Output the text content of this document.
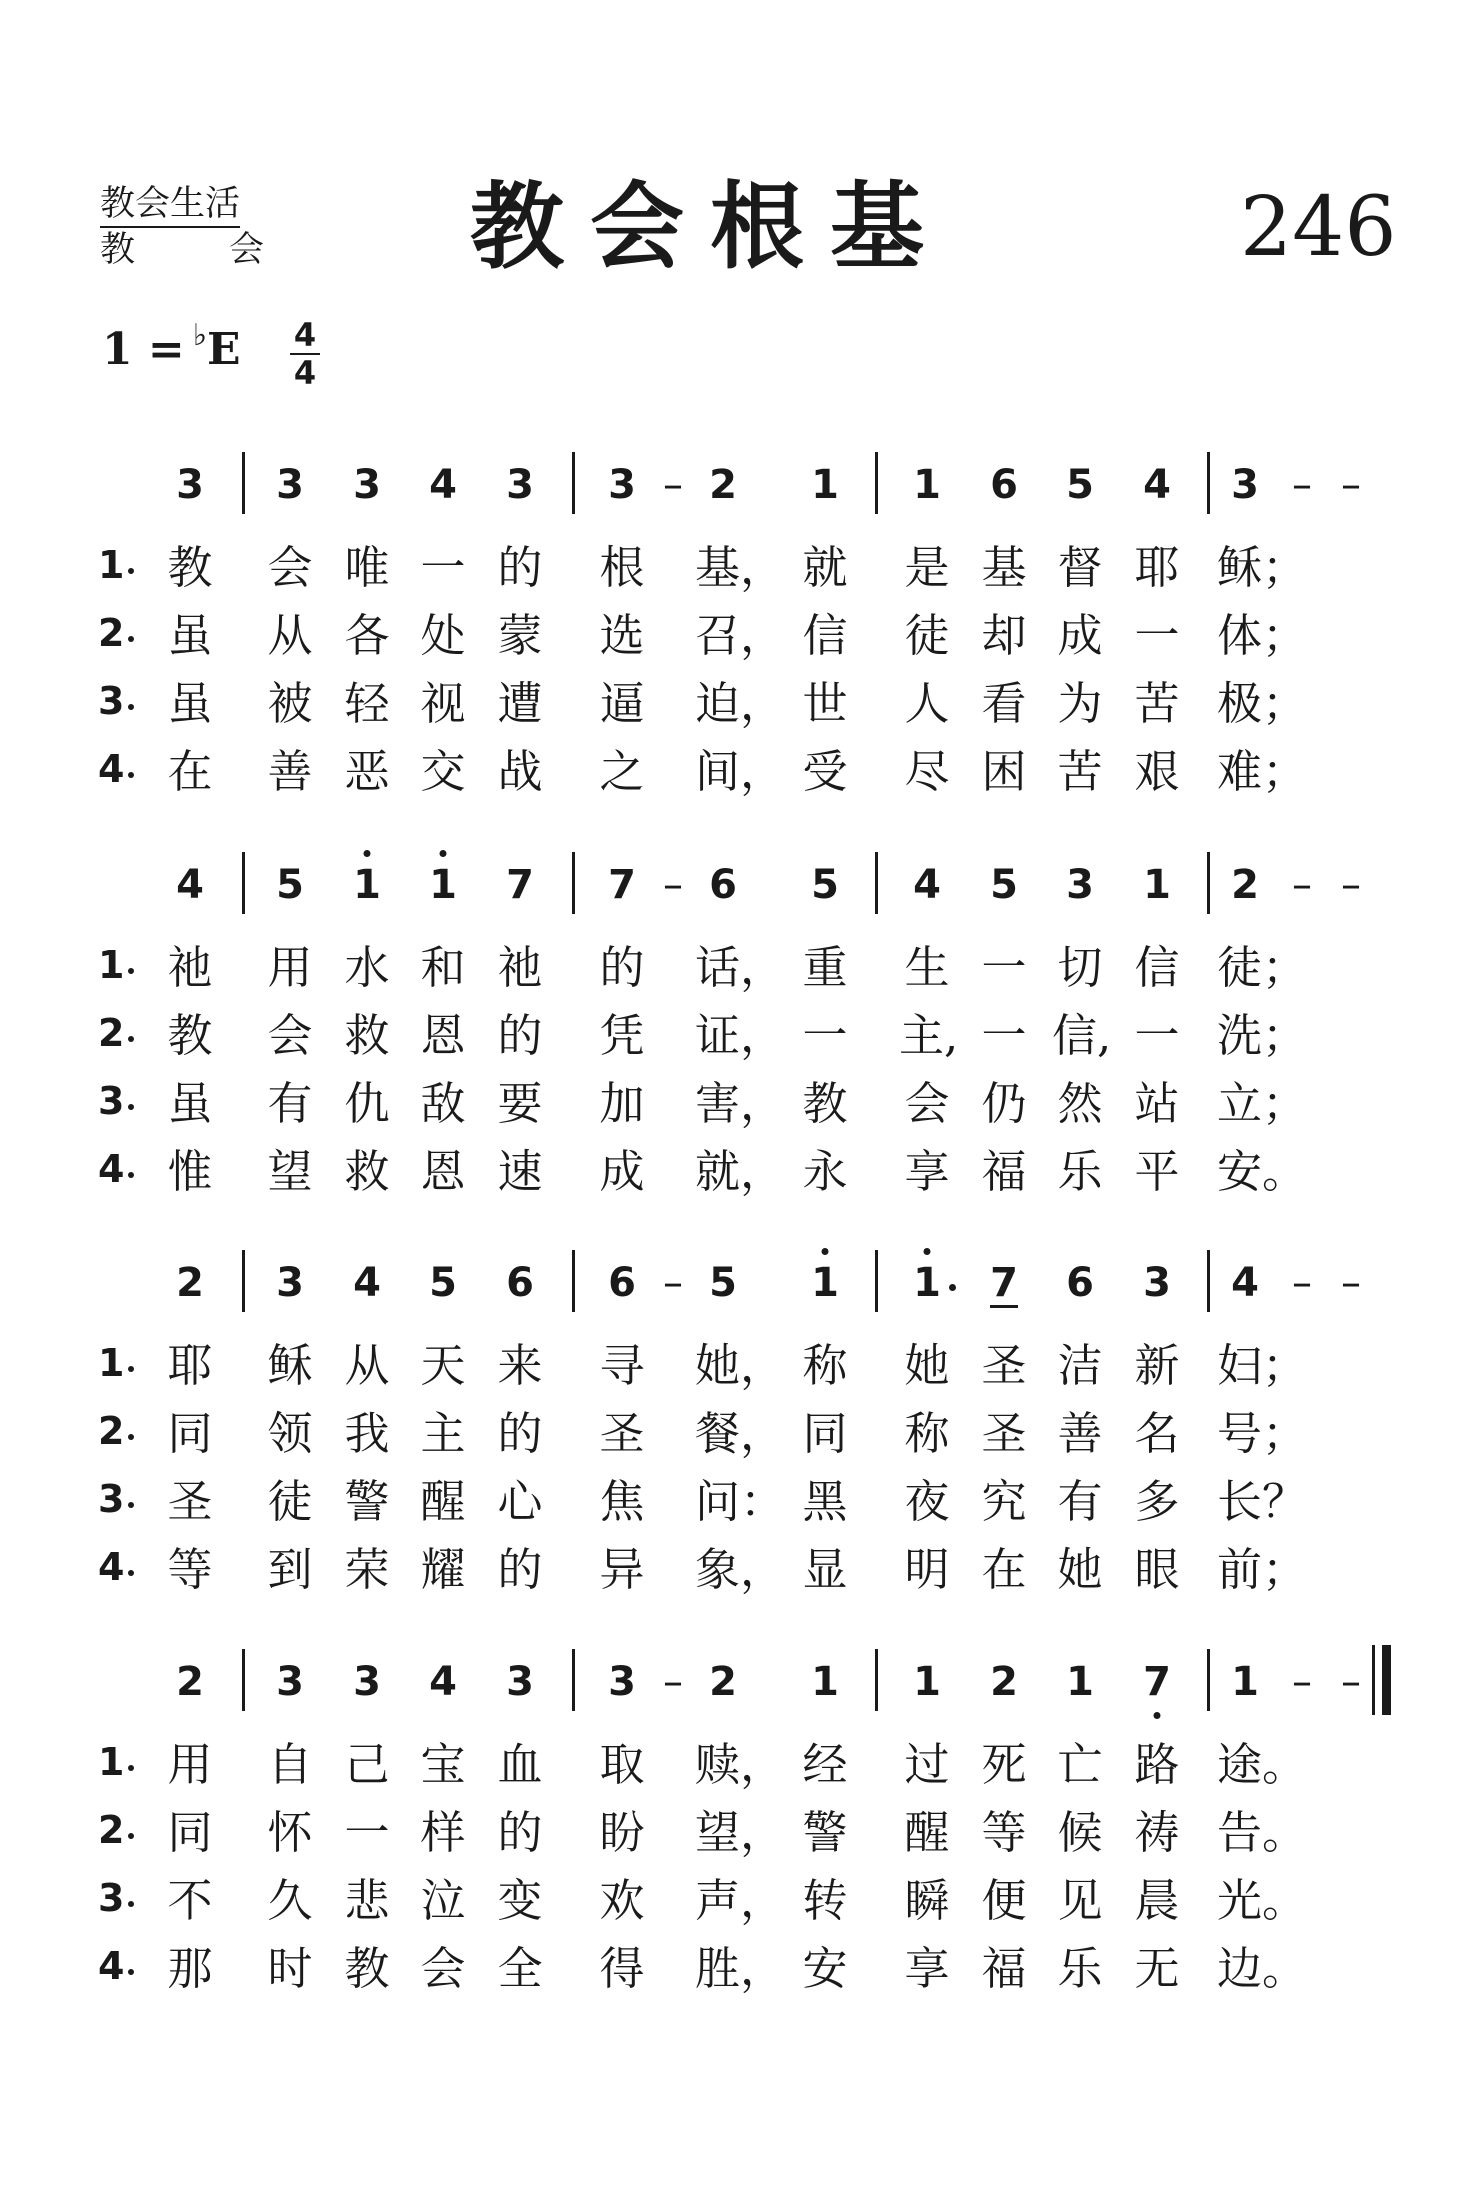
教会生活
教	会 教会根基	246
1 = ♭ E 4
4
3	3	3	4	3	3 – 2	1	1	6	5	4	3 – –
1 教 会 唯 一 的 根 基， 就 是 基 督 耶 稣；
2 虽 从 各 处 蒙 选 召， 信 徒 却 成 一 体；
3 虽 被 轻 视 遭 逼 迫， 世 人 看 为 苦 极；
4 在 善 恶 交 战 之 间， 受 尽 困 苦 艰 难；
4	5	1	1	7	7 – 6	5	4	5	3	1	2 – –
1 祂 用 水 和 祂 的 话， 重 生 一 切 信 徒；
2 教 会 救 恩 的 凭 证， 一 主, 一 信, 一 洗；
3 虽 有 仇 敌 要 加 害， 教 会 仍 然 站 立；
4 惟 望 救 恩 速 成 就， 永 享 福 乐 平 安。
2	3	4	5	6	6 – 5	1	1	7	6	3	4 – –
1 耶 稣 从 天 来 寻 她， 称 她 圣 洁 新 妇；
2 同 领 我 主 的 圣 餐， 同 称 圣 善 名 号；
3 圣 徒 警 醒 心 焦 问： 黑 夜 究 有 多 长？
4 等 到 荣 耀 的 异 象， 显 明 在 她 眼 前；
2	3	3	4	3	3 – 2	1	1	2	1	7	1 – –
1 用 自 己 宝 血 取 赎， 经 过 死 亡 路 途。
2 同 怀 一 样 的 盼 望， 警 醒 等 候 祷 告。
3 不 久 悲 泣 变 欢 声， 转 瞬 便 见 晨 光。
4 那 时 教 会 全 得 胜， 安 享 福 乐 无 边。
